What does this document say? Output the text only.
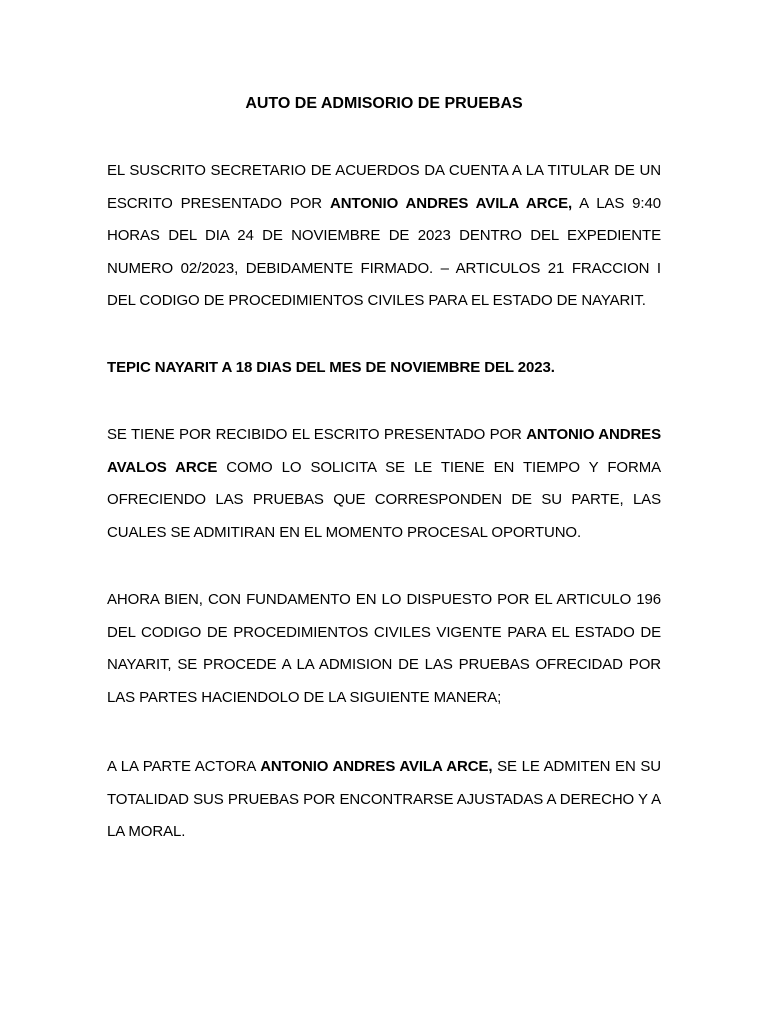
AUTO DE ADMISORIO DE PRUEBAS

EL SUSCRITO SECRETARIO DE ACUERDOS DA CUENTA A LA TITULAR DE UN ESCRITO PRESENTADO POR ANTONIO ANDRES AVILA ARCE, A LAS 9:40 HORAS DEL DIA 24 DE NOVIEMBRE DE 2023 DENTRO DEL EXPEDIENTE NUMERO 02/2023, DEBIDAMENTE FIRMADO. – ARTICULOS 21 FRACCION I DEL CODIGO DE PROCEDIMIENTOS CIVILES PARA EL ESTADO DE NAYARIT.

TEPIC NAYARIT A 18 DIAS DEL MES DE NOVIEMBRE DEL 2023.

SE TIENE POR RECIBIDO EL ESCRITO PRESENTADO POR ANTONIO ANDRES AVALOS ARCE COMO LO SOLICITA SE LE TIENE EN TIEMPO Y FORMA OFRECIENDO LAS PRUEBAS QUE CORRESPONDEN DE SU PARTE, LAS CUALES SE ADMITIRAN EN EL MOMENTO PROCESAL OPORTUNO.

AHORA BIEN, CON FUNDAMENTO EN LO DISPUESTO POR EL ARTICULO 196 DEL CODIGO DE PROCEDIMIENTOS CIVILES VIGENTE PARA EL ESTADO DE NAYARIT, SE PROCEDE A LA ADMISION DE LAS PRUEBAS OFRECIDAD POR LAS PARTES HACIENDOLO DE LA SIGUIENTE MANERA;

A LA PARTE ACTORA ANTONIO ANDRES AVILA ARCE, SE LE ADMITEN EN SU TOTALIDAD SUS PRUEBAS POR ENCONTRARSE AJUSTADAS A DERECHO Y A LA MORAL.
